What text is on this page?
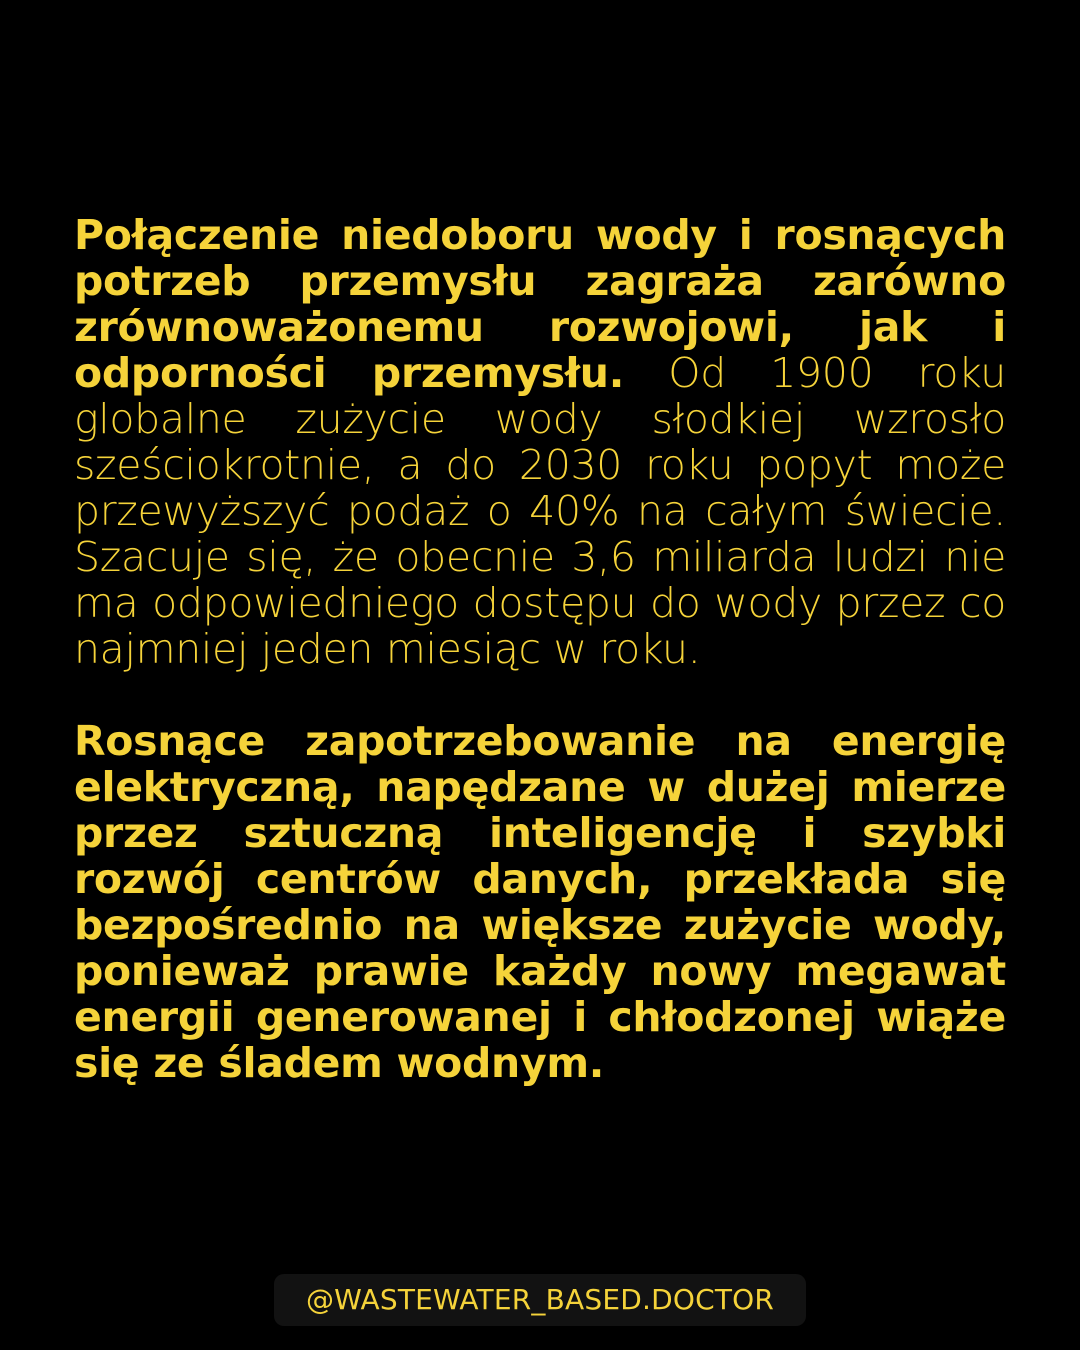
Połączenie niedoboru wody i rosnących potrzeb przemysłu zagraża zarówno zrównoważonemu rozwojowi, jak i odporności przemysłu. Od 1900 roku globalne zużycie wody słodkiej wzrosło sześciokrotnie, a do 2030 roku popyt może przewyższyć podaż o 40% na całym świecie. Szacuje się, że obecnie 3,6 miliarda ludzi nie ma odpowiedniego dostępu do wody przez co najmniej jeden miesiąc w roku.

Rosnące zapotrzebowanie na energię elektryczną, napędzane w dużej mierze przez sztuczną inteligencję i szybki rozwój centrów danych, przekłada się bezpośrednio na większe zużycie wody, ponieważ prawie każdy nowy megawat energii generowanej i chłodzonej wiąże się ze śladem wodnym.

@WASTEWATER_BASED.DOCTOR
